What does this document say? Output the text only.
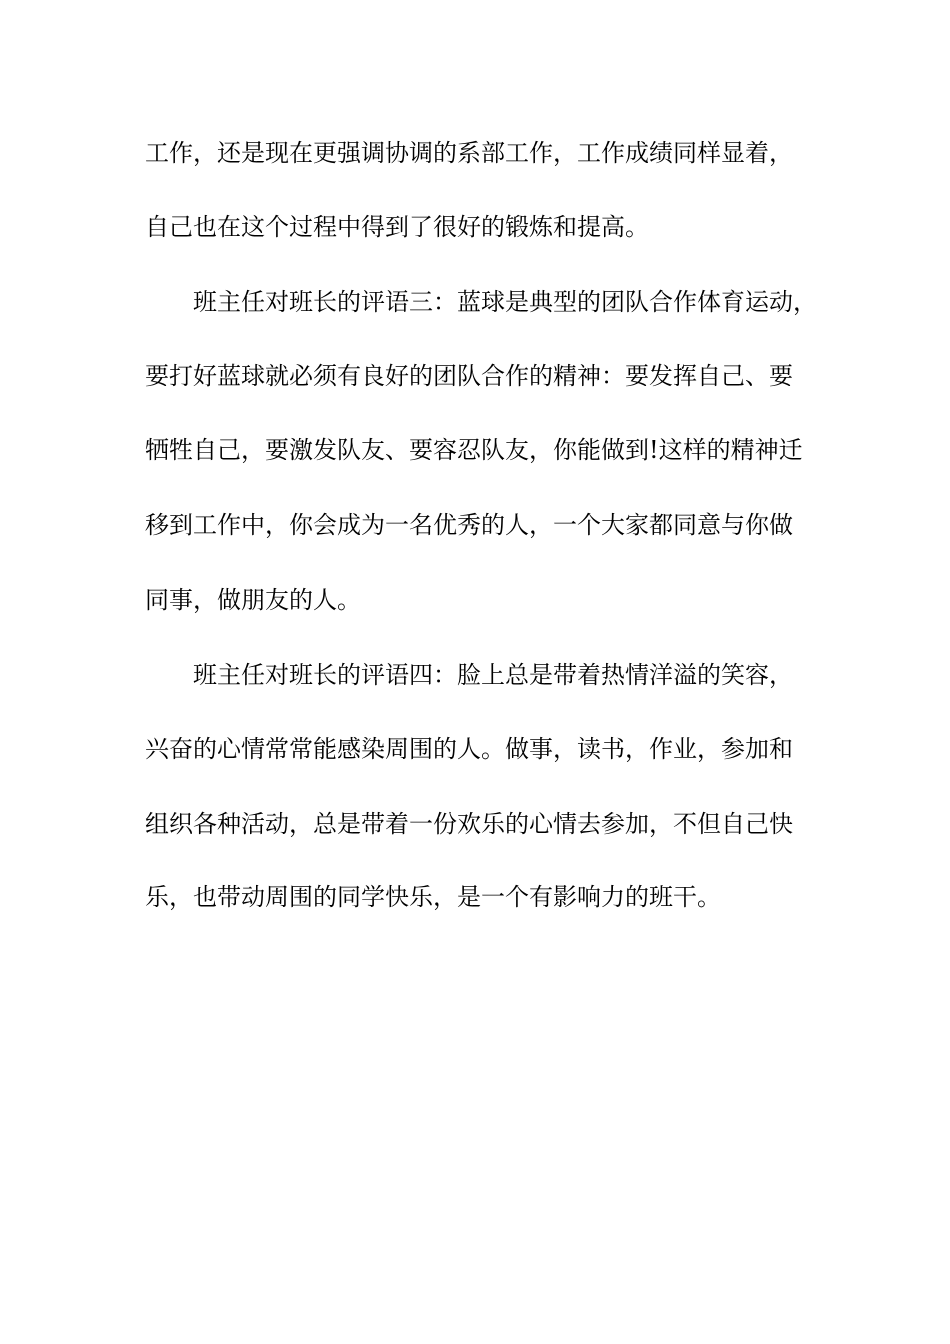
工作，还是现在更强调协调的系部工作，工作成绩同样显着，
自己也在这个过程中得到了很好的锻炼和提高。
班主任对班长的评语三：蓝球是典型的团队合作体育运动，
要打好蓝球就必须有良好的团队合作的精神：要发挥自己、要
牺牲自己，要激发队友、要容忍队友，你能做到!这样的精神迁
移到工作中，你会成为一名优秀的人，一个大家都同意与你做
同事，做朋友的人。
班主任对班长的评语四：脸上总是带着热情洋溢的笑容，
兴奋的心情常常能感染周围的人。做事，读书，作业，参加和
组织各种活动，总是带着一份欢乐的心情去参加，不但自己快
乐，也带动周围的同学快乐，是一个有影响力的班干。
